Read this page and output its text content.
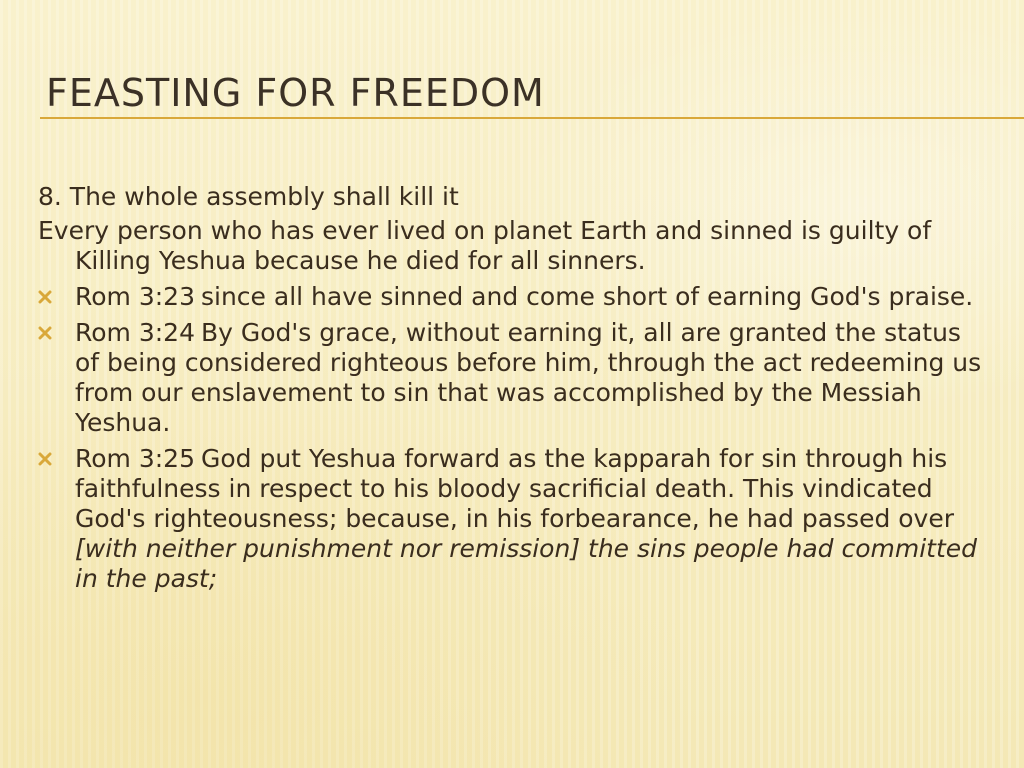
FEASTING FOR FREEDOM

8. The whole assembly shall kill it

Every person who has ever lived on planet Earth and sinned is guilty of Killing Yeshua because he died for all sinners.

Rom 3:23 since all have sinned and come short of earning God's praise.

Rom 3:24 By God's grace, without earning it, all are granted the status of being considered righteous before him, through the act redeeming us from our enslavement to sin that was accomplished by the Messiah Yeshua.

Rom 3:25 God put Yeshua forward as the kapparah for sin through his faithfulness in respect to his bloody sacrificial death. This vindicated God's righteousness; because, in his forbearance, he had passed over [with neither punishment nor remission] the sins people had committed in the past;
